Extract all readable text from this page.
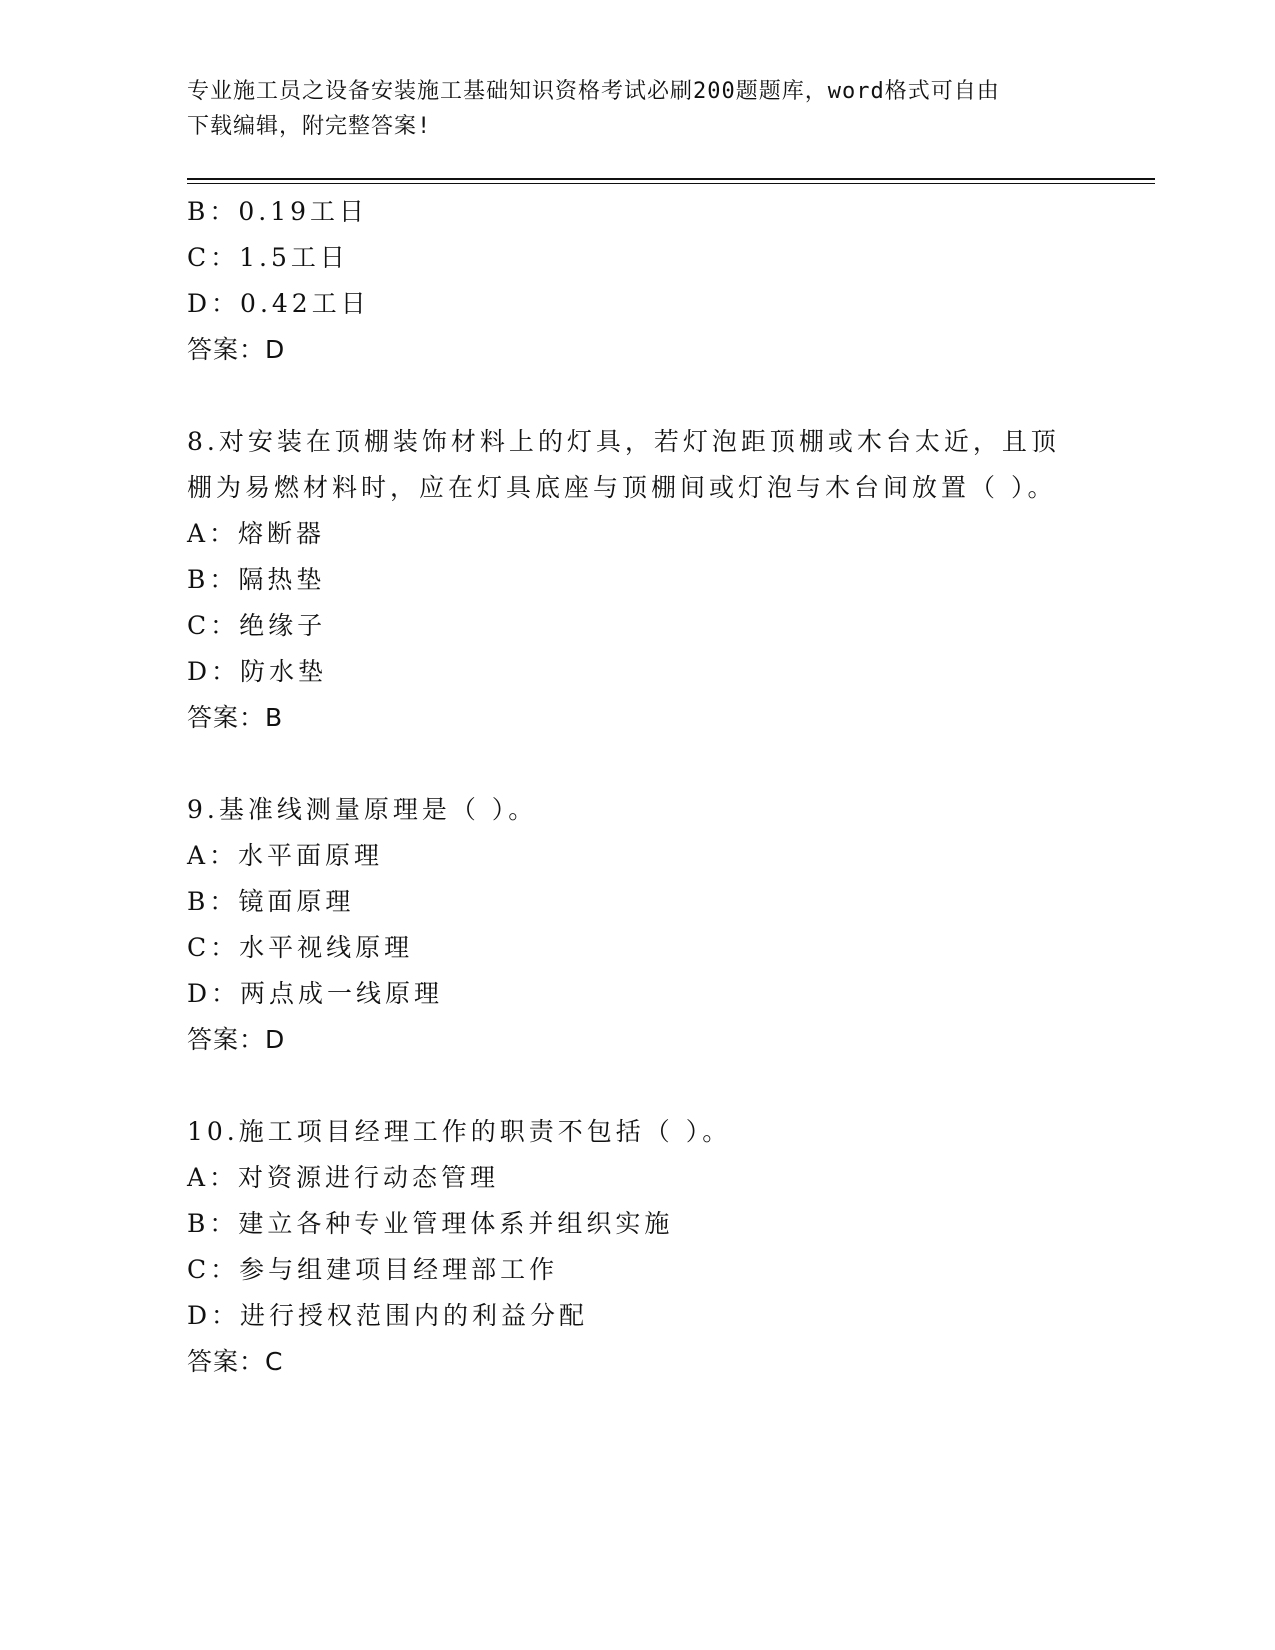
专业施工员之设备安装施工基础知识资格考试必刷200题题库，word格式可自由
下载编辑，附完整答案!
B：0.19工日
C：1.5工日
D：0.42工日
答案：D
8.对安装在顶棚装饰材料上的灯具，若灯泡距顶棚或木台太近，且顶
棚为易燃材料时，应在灯具底座与顶棚间或灯泡与木台间放置（ ）。
A：熔断器
B：隔热垫
C：绝缘子
D：防水垫
答案：B
9.基准线测量原理是（ ）。
A：水平面原理
B：镜面原理
C：水平视线原理
D：两点成一线原理
答案：D
10.施工项目经理工作的职责不包括（ ）。
A：对资源进行动态管理
B：建立各种专业管理体系并组织实施
C：参与组建项目经理部工作
D：进行授权范围内的利益分配
答案：C
